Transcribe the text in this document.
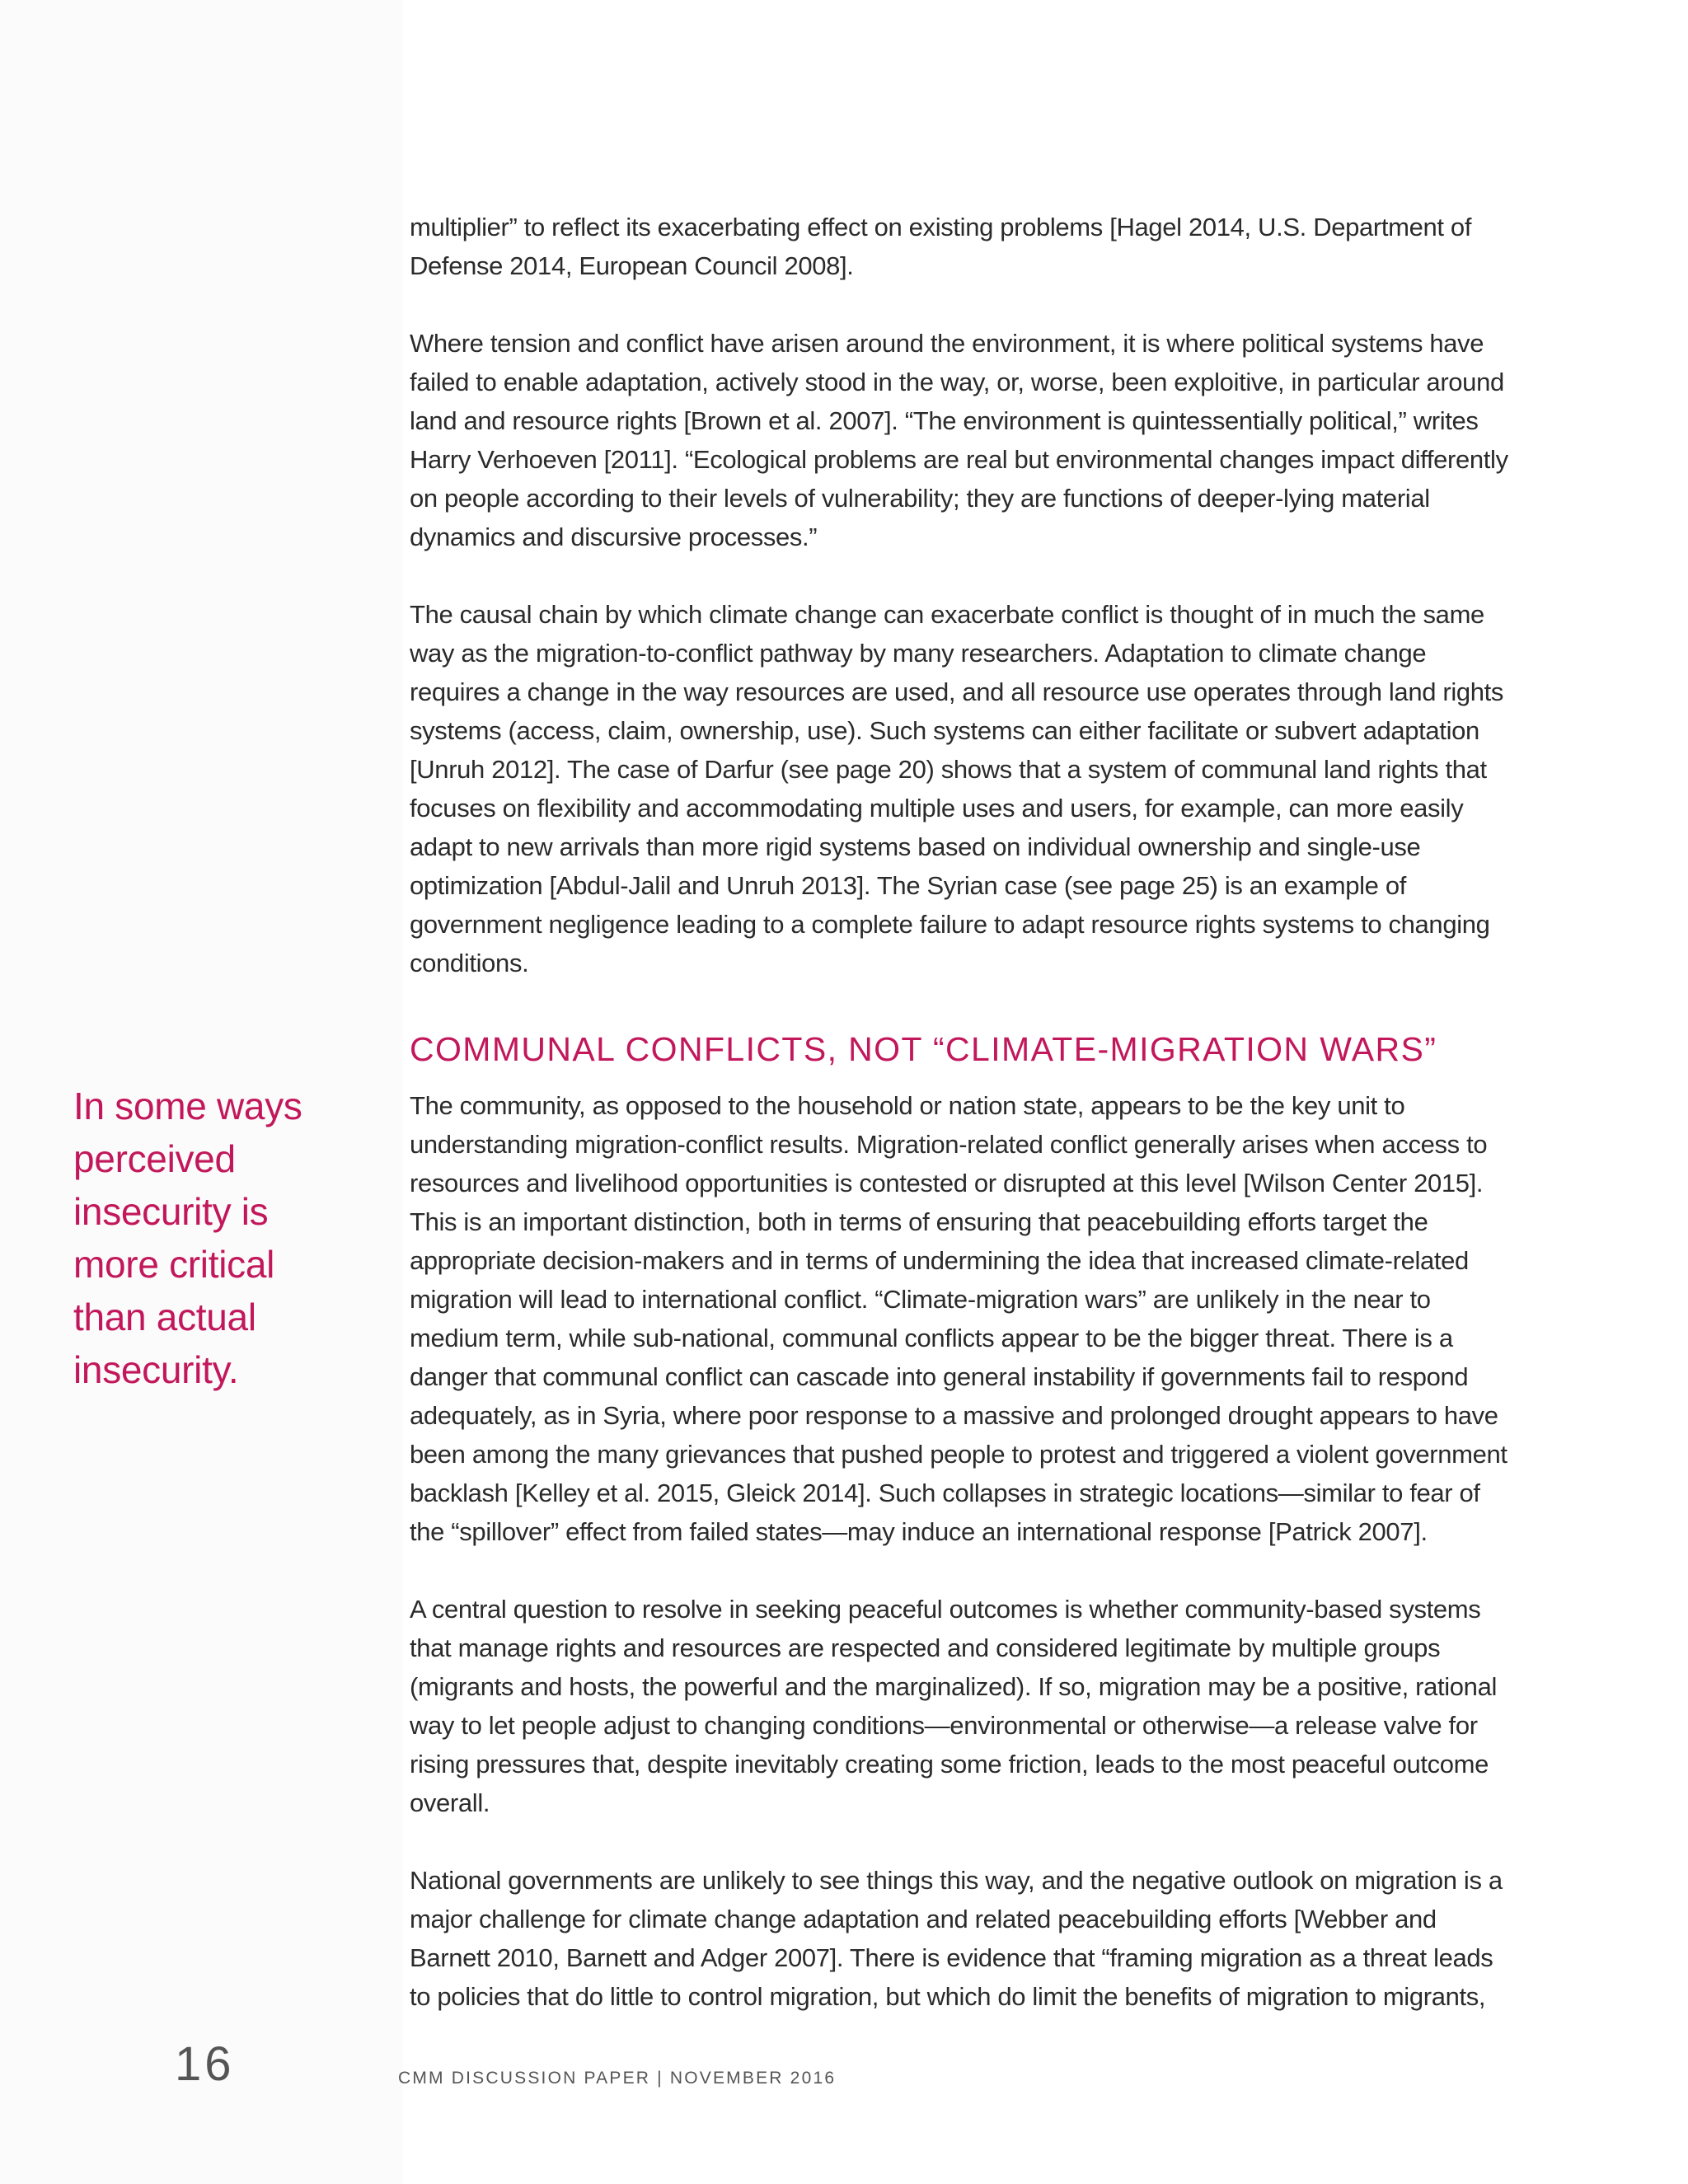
In some ways perceived insecurity is more critical than actual insecurity.

multiplier” to reflect its exacerbating effect on existing problems [Hagel 2014, U.S. Department of Defense 2014, European Council 2008].

Where tension and conflict have arisen around the environment, it is where political systems have failed to enable adaptation, actively stood in the way, or, worse, been exploitive, in particular around land and resource rights [Brown et al. 2007]. “The environment is quintessentially political,” writes Harry Verhoeven [2011]. “Ecological problems are real but environmental changes impact differently on people according to their levels of vulnerability; they are functions of deeper-lying material dynamics and discursive processes.”

The causal chain by which climate change can exacerbate conflict is thought of in much the same way as the migration-to-conflict pathway by many researchers. Adaptation to climate change requires a change in the way resources are used, and all resource use operates through land rights systems (access, claim, ownership, use). Such systems can either facilitate or subvert adaptation [Unruh 2012]. The case of Darfur (see page 20) shows that a system of communal land rights that focuses on flexibility and accommodating multiple uses and users, for example, can more easily adapt to new arrivals than more rigid systems based on individual ownership and single-use optimization [Abdul-Jalil and Unruh 2013]. The Syrian case (see page 25) is an example of government negligence leading to a complete failure to adapt resource rights systems to changing conditions.

COMMUNAL CONFLICTS, NOT “CLIMATE-MIGRATION WARS”

The community, as opposed to the household or nation state, appears to be the key unit to understanding migration-conflict results. Migration-related conflict generally arises when access to resources and livelihood opportunities is contested or disrupted at this level [Wilson Center 2015]. This is an important distinction, both in terms of ensuring that peacebuilding efforts target the appropriate decision-makers and in terms of undermining the idea that increased climate-related migration will lead to international conflict. “Climate-migration wars” are unlikely in the near to medium term, while sub-national, communal conflicts appear to be the bigger threat. There is a danger that communal conflict can cascade into general instability if governments fail to respond adequately, as in Syria, where poor response to a massive and prolonged drought appears to have been among the many grievances that pushed people to protest and triggered a violent government backlash [Kelley et al. 2015, Gleick 2014]. Such collapses in strategic locations—similar to fear of the “spillover” effect from failed states—may induce an international response [Patrick 2007].

A central question to resolve in seeking peaceful outcomes is whether community-based systems that manage rights and resources are respected and considered legitimate by multiple groups (migrants and hosts, the powerful and the marginalized). If so, migration may be a positive, rational way to let people adjust to changing conditions—environmental or otherwise—a release valve for rising pressures that, despite inevitably creating some friction, leads to the most peaceful outcome overall.

National governments are unlikely to see things this way, and the negative outlook on migration is a major challenge for climate change adaptation and related peacebuilding efforts [Webber and Barnett 2010, Barnett and Adger 2007]. There is evidence that “framing migration as a threat leads to policies that do little to control migration, but which do limit the benefits of migration to migrants,

16	CMM DISCUSSION PAPER | NOVEMBER 2016
